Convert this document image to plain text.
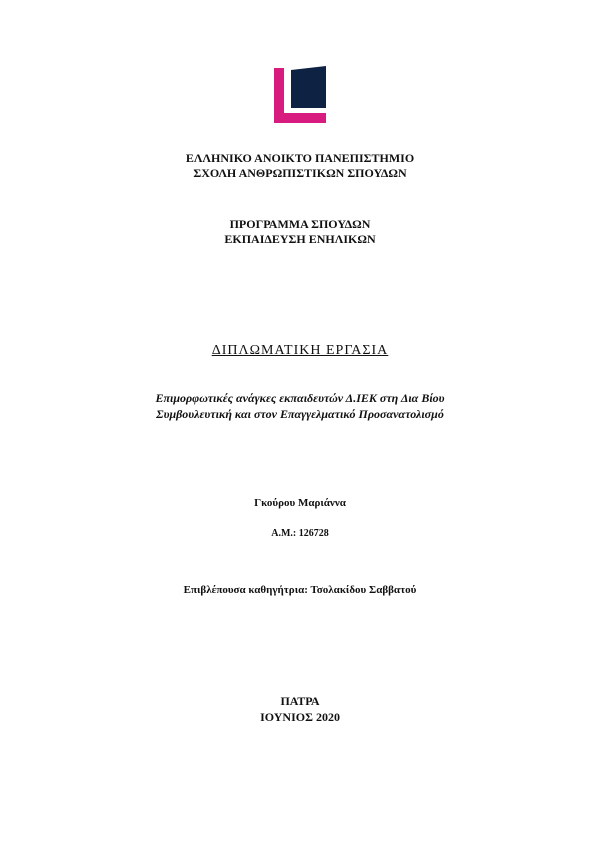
ΕΛΛΗΝΙΚΟ ΑΝΟΙΚΤΟ ΠΑΝΕΠΙΣΤΗΜΙΟ
ΣΧΟΛΗ ΑΝΘΡΩΠΙΣΤΙΚΩΝ ΣΠΟΥΔΩΝ
ΠΡΟΓΡΑΜΜΑ ΣΠΟΥΔΩΝ
ΕΚΠΑΙΔΕΥΣΗ ΕΝΗΛΙΚΩΝ
ΔΙΠΛΩΜΑΤΙΚΗ ΕΡΓΑΣΙΑ
Επιμορφωτικές ανάγκες εκπαιδευτών Δ.ΙΕΚ στη Δια Βίου
Συμβουλευτική και στον Επαγγελματικό Προσανατολισμό
Γκούρου Μαριάννα
Α.Μ.: 126728
Επιβλέπουσα καθηγήτρια: Τσολακίδου Σαββατού
ΠΑΤΡΑ
ΙΟΥΝΙΟΣ 2020
